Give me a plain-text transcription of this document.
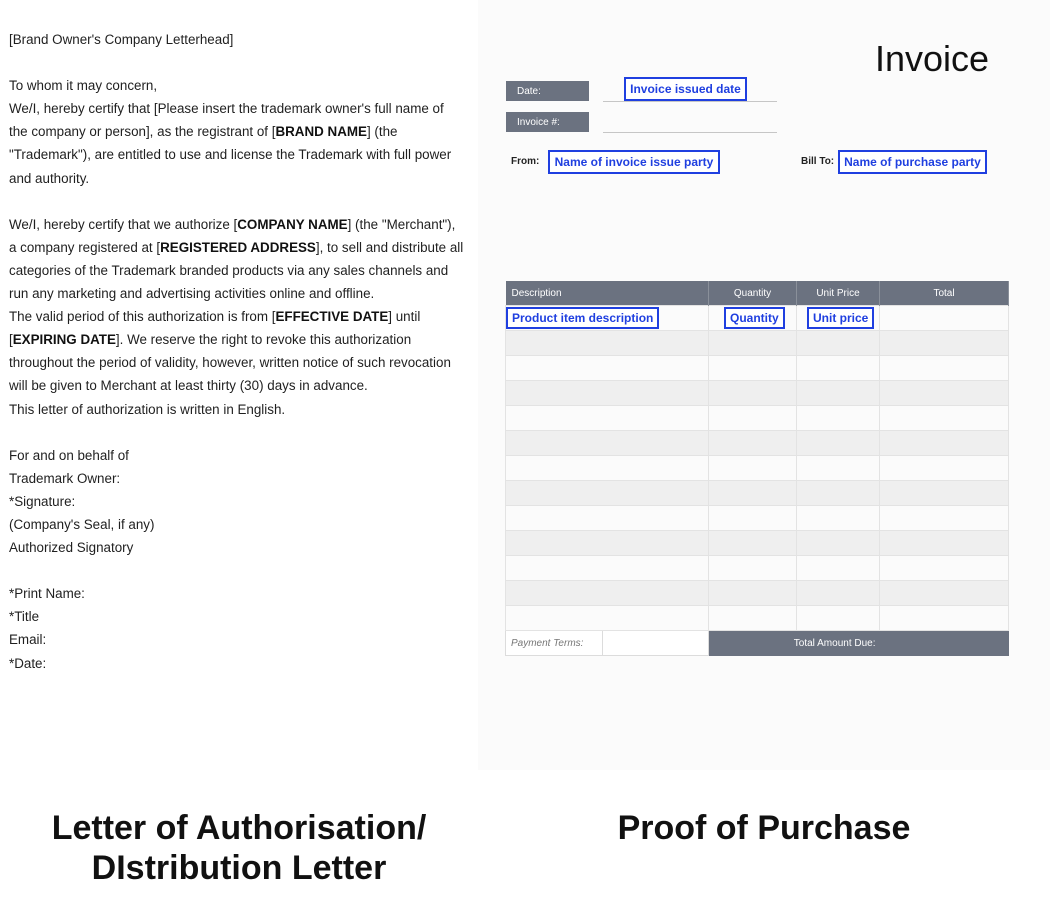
[Brand Owner's Company Letterhead]

To whom it may concern,

We/I, hereby certify that [Please insert the trademark owner's full name of the company or person], as the registrant of [BRAND NAME] (the "Trademark"), are entitled to use and license the Trademark with full power and authority.

We/I, hereby certify that we authorize [COMPANY NAME] (the "Merchant"), a company registered at [REGISTERED ADDRESS], to sell and distribute all categories of the Trademark branded products via any sales channels and run any marketing and advertising activities online and offline.

The valid period of this authorization is from [EFFECTIVE DATE] until [EXPIRING DATE]. We reserve the right to revoke this authorization throughout the period of validity, however, written notice of such revocation will be given to Merchant at least thirty (30) days in advance.

This letter of authorization is written in English.

For and on behalf of

Trademark Owner:

*Signature:

(Company's Seal, if any)

Authorized Signatory

*Print Name:

*Title

Email:

*Date:

Invoice
Date:	Invoice issued date
Invoice #:
From:	Name of invoice issue party	Bill To: Name of purchase party
Description		Quantity	Unit Price	Total

Product item description		Quantity	Unit price	

Payment Terms:		Total Amount Due:		
Letter of Authorisation/ DIstribution Letter
Proof of Purchase
